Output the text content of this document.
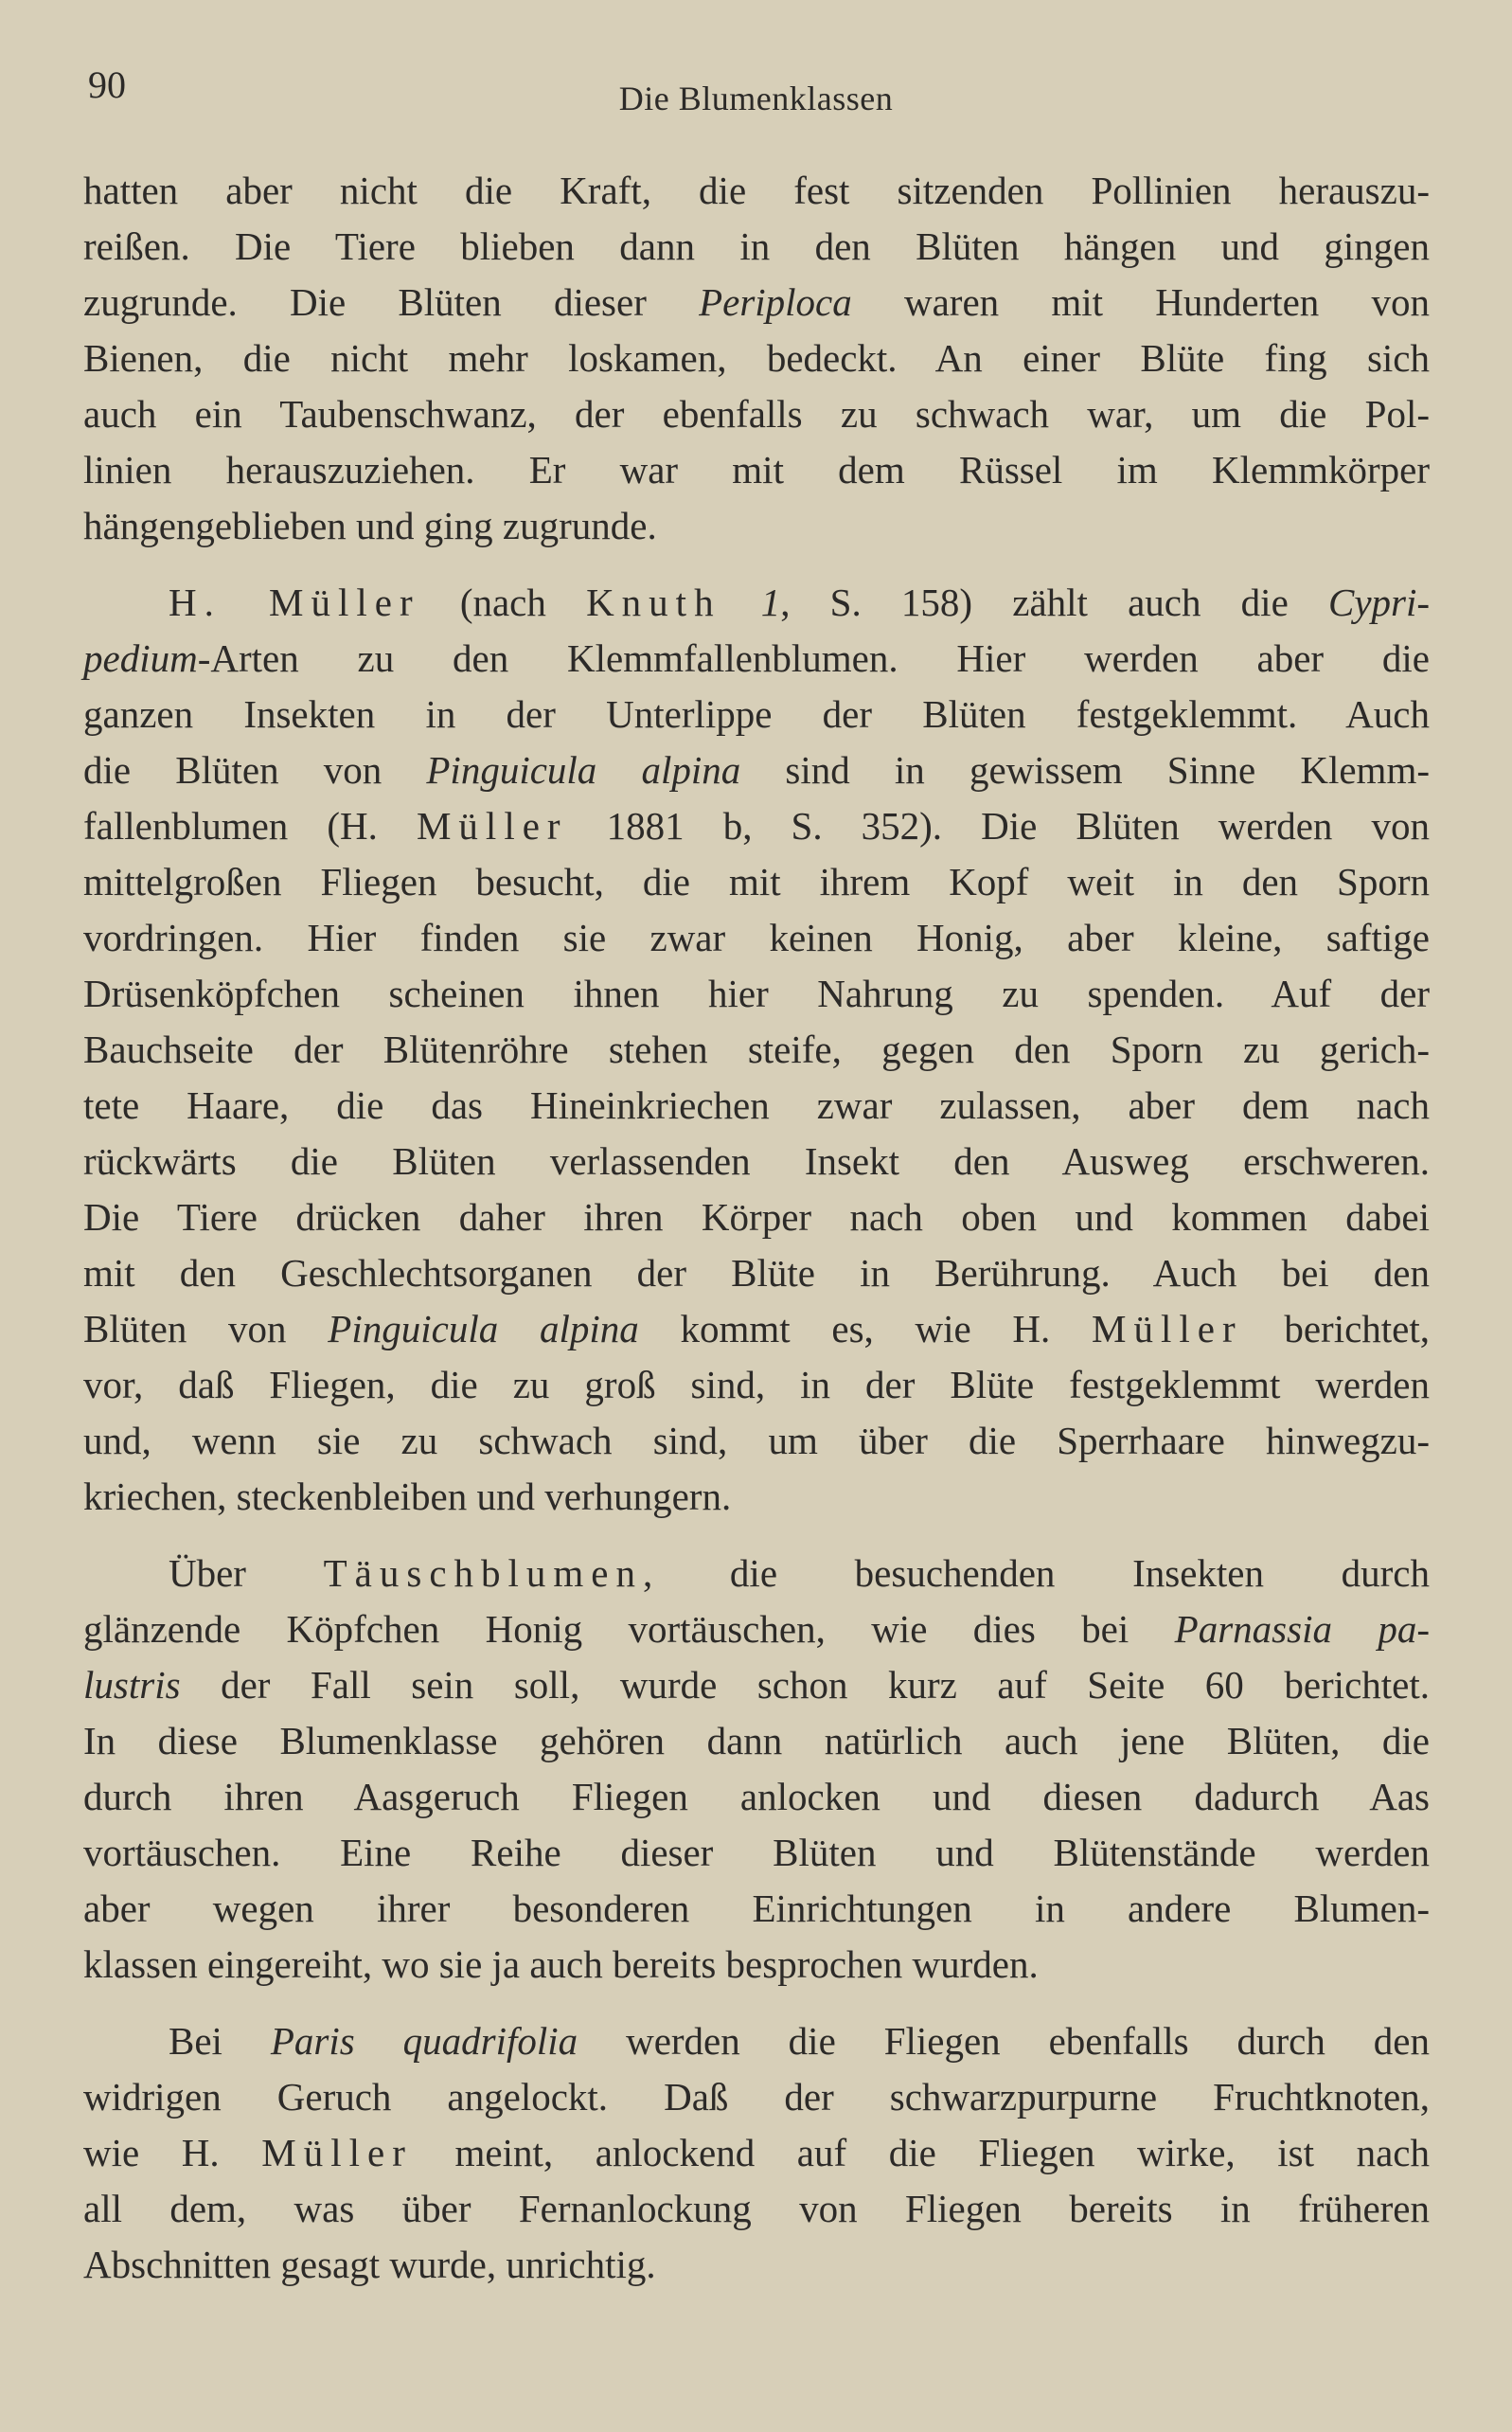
90	Die Blumenklassen

hatten aber nicht die Kraft, die fest sitzenden Pollinien herauszu-
reißen. Die Tiere blieben dann in den Blüten hängen und gingen
zugrunde. Die Blüten dieser Periploca waren mit Hunderten von
Bienen, die nicht mehr loskamen, bedeckt. An einer Blüte fing sich
auch ein Taubenschwanz, der ebenfalls zu schwach war, um die Pol-
linien herauszuziehen. Er war mit dem Rüssel im Klemmkörper
hängengeblieben und ging zugrunde.

H. Müller (nach Knuth 1, S. 158) zählt auch die Cypri-
pedium-Arten zu den Klemmfallenblumen. Hier werden aber die
ganzen Insekten in der Unterlippe der Blüten festgeklemmt. Auch
die Blüten von Pinguicula alpina sind in gewissem Sinne Klemm-
fallenblumen (H. Müller 1881 b, S. 352). Die Blüten werden von
mittelgroßen Fliegen besucht, die mit ihrem Kopf weit in den Sporn
vordringen. Hier finden sie zwar keinen Honig, aber kleine, saftige
Drüsenköpfchen scheinen ihnen hier Nahrung zu spenden. Auf der
Bauchseite der Blütenröhre stehen steife, gegen den Sporn zu gerich-
tete Haare, die das Hineinkriechen zwar zulassen, aber dem nach
rückwärts die Blüten verlassenden Insekt den Ausweg erschweren.
Die Tiere drücken daher ihren Körper nach oben und kommen dabei
mit den Geschlechtsorganen der Blüte in Berührung. Auch bei den
Blüten von Pinguicula alpina kommt es, wie H. Müller berichtet,
vor, daß Fliegen, die zu groß sind, in der Blüte festgeklemmt werden
und, wenn sie zu schwach sind, um über die Sperrhaare hinwegzu-
kriechen, steckenbleiben und verhungern.

Über Täuschblumen, die besuchenden Insekten durch
glänzende Köpfchen Honig vortäuschen, wie dies bei Parnassia pa-
lustris der Fall sein soll, wurde schon kurz auf Seite 60 berichtet.
In diese Blumenklasse gehören dann natürlich auch jene Blüten, die
durch ihren Aasgeruch Fliegen anlocken und diesen dadurch Aas
vortäuschen. Eine Reihe dieser Blüten und Blütenstände werden
aber wegen ihrer besonderen Einrichtungen in andere Blumen-
klassen eingereiht, wo sie ja auch bereits besprochen wurden.

Bei Paris quadrifolia werden die Fliegen ebenfalls durch den
widrigen Geruch angelockt. Daß der schwarzpurpurne Fruchtknoten,
wie H. Müller meint, anlockend auf die Fliegen wirke, ist nach
all dem, was über Fernanlockung von Fliegen bereits in früheren
Abschnitten gesagt wurde, unrichtig.
